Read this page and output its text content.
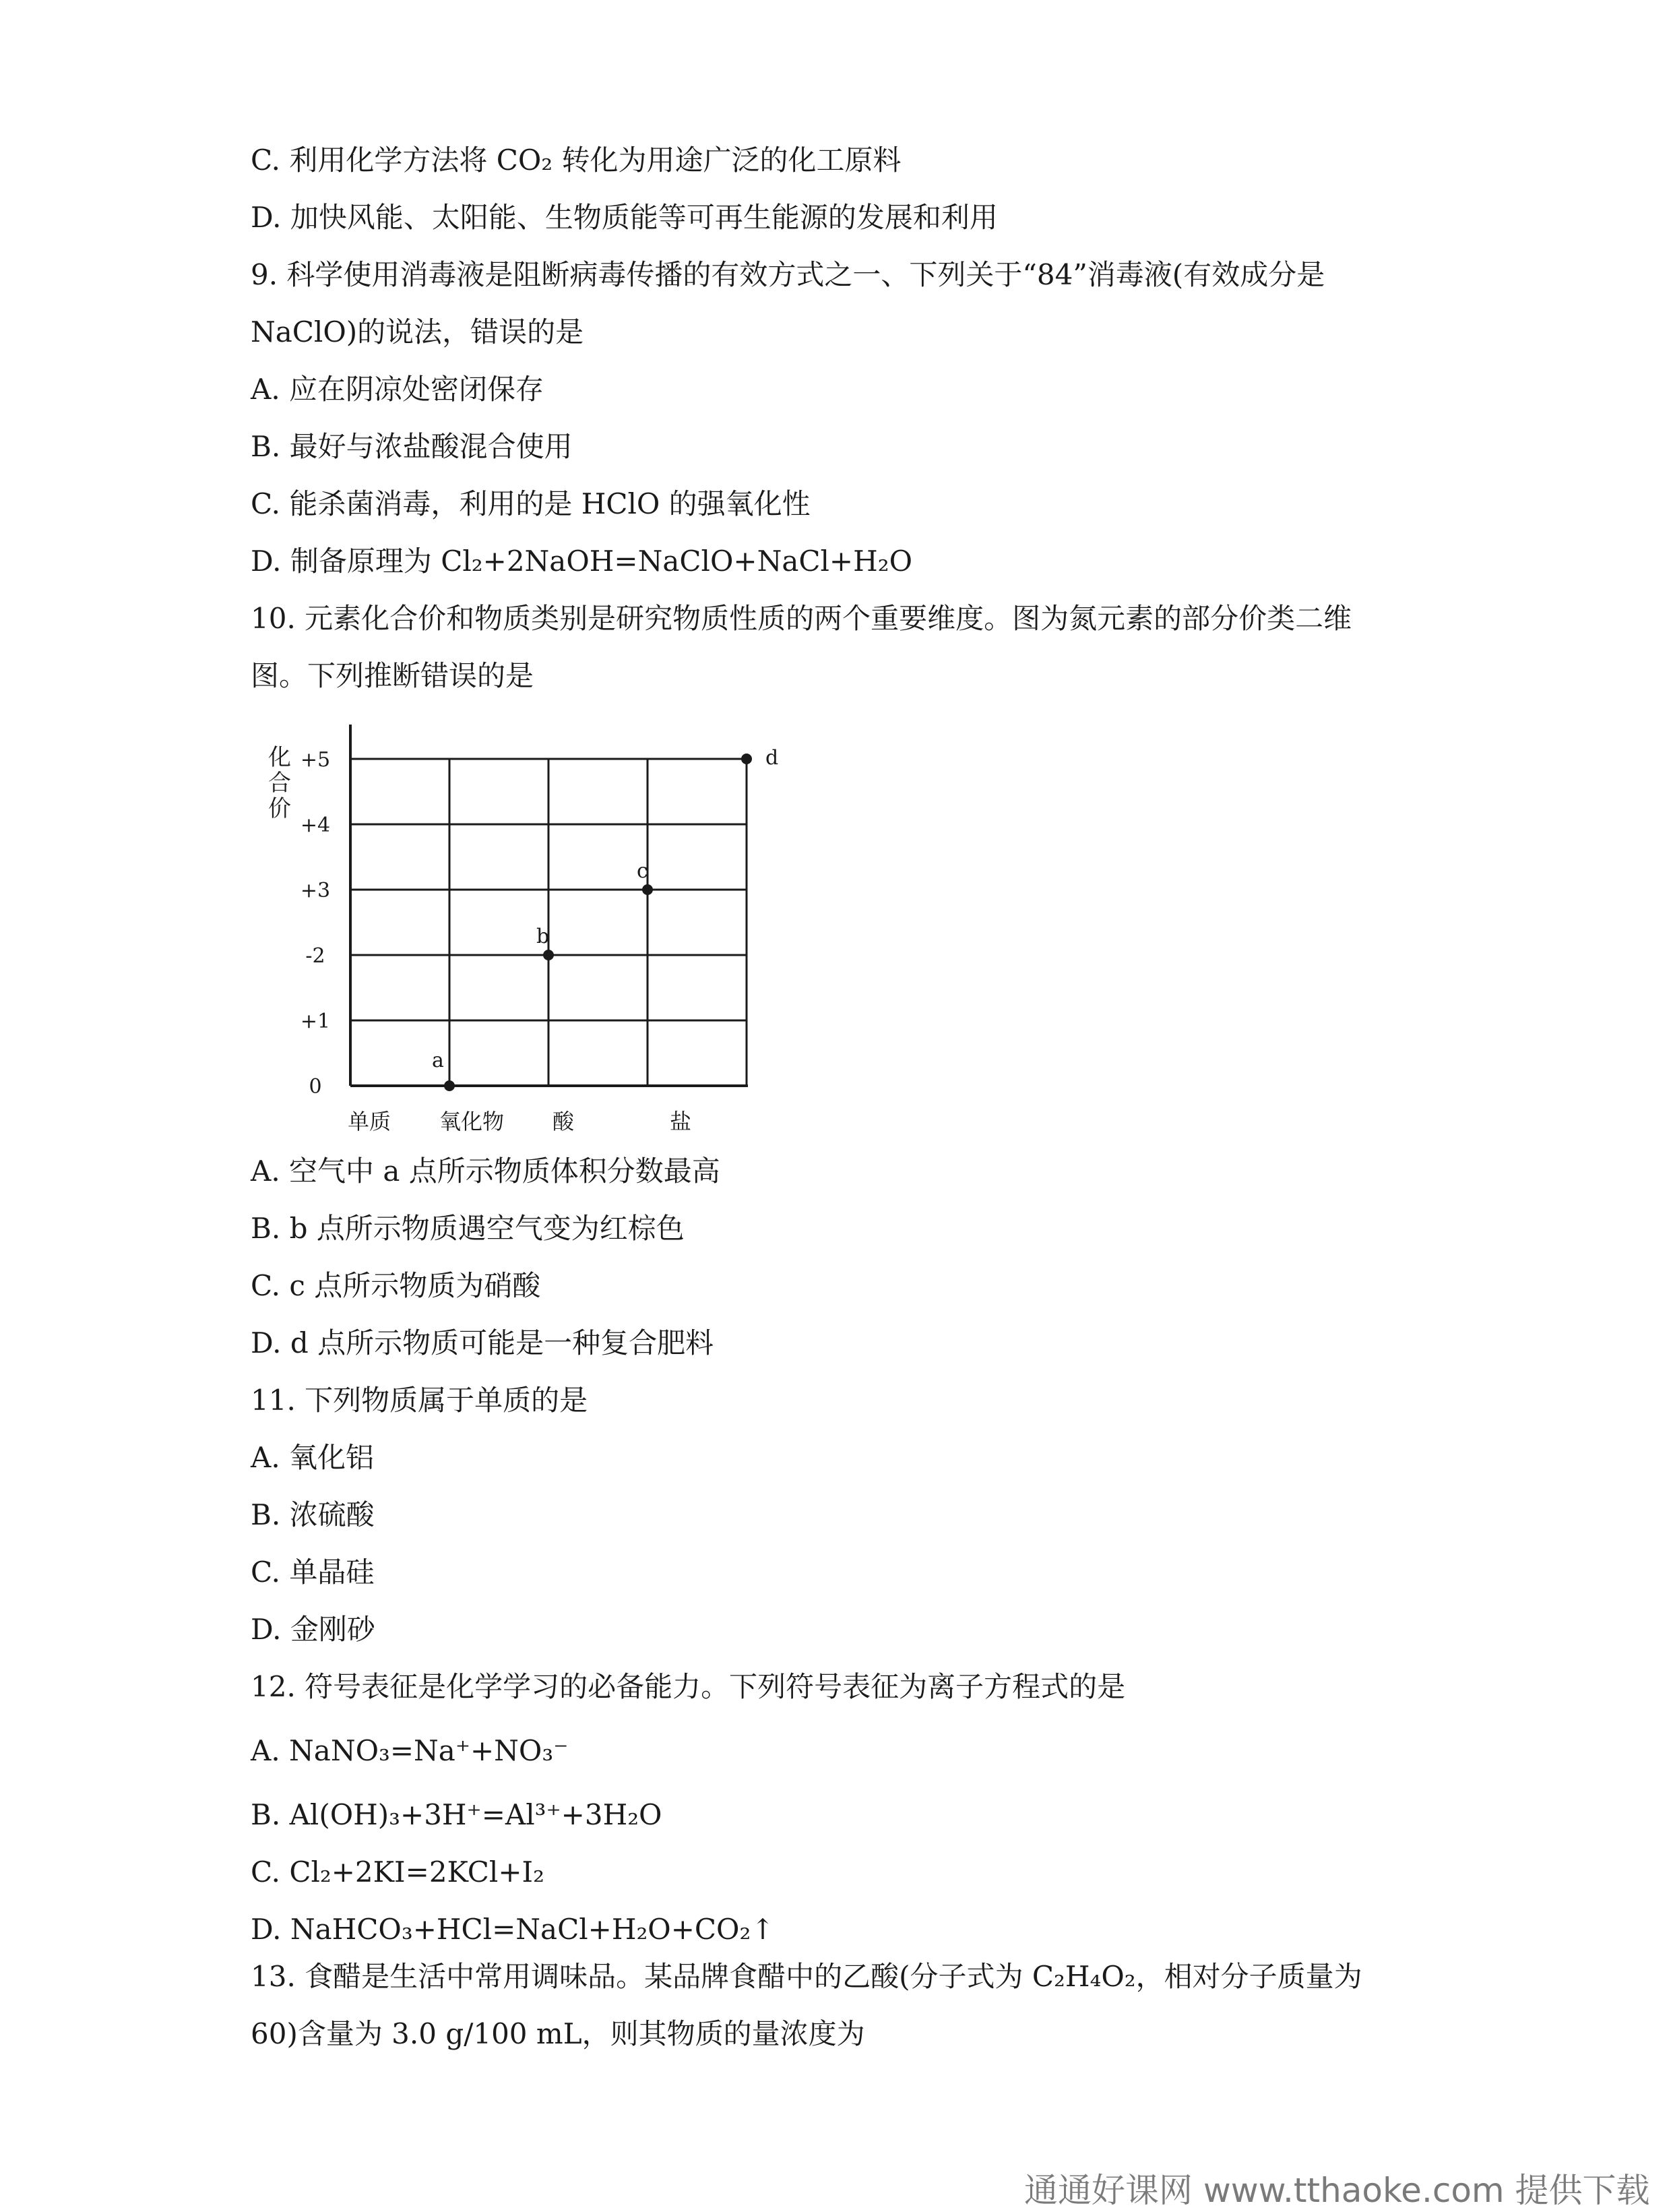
C. 利用化学方法将 CO₂ 转化为用途广泛的化工原料
D. 加快风能、太阳能、生物质能等可再生能源的发展和利用
9. 科学使用消毒液是阻断病毒传播的有效方式之一、下列关于“84”消毒液(有效成分是
NaClO)的说法，错误的是
A. 应在阴凉处密闭保存
B. 最好与浓盐酸混合使用
C. 能杀菌消毒，利用的是 HClO 的强氧化性
D. 制备原理为 Cl₂+2NaOH=NaClO+NaCl+H₂O
10. 元素化合价和物质类别是研究物质性质的两个重要维度。图为氮元素的部分价类二维
图。下列推断错误的是
化合价
0
+1
-2
+3
+4
+5
单质 氧化物 酸	盐
a
b
c
d
A. 空气中 a 点所示物质体积分数最高
B. b 点所示物质遇空气变为红棕色
C. c 点所示物质为硝酸
D. d 点所示物质可能是一种复合肥料
11. 下列物质属于单质的是
A. 氧化铝
B. 浓硫酸
C. 单晶硅
D. 金刚砂
12. 符号表征是化学学习的必备能力。下列符号表征为离子方程式的是
A. NaNO₃=Na⁺+NO₃⁻
B. Al(OH)₃+3H⁺=Al³⁺+3H₂O
C. Cl₂+2KI=2KCl+I₂
D. NaHCO₃+HCl=NaCl+H₂O+CO₂↑
13. 食醋是生活中常用调味品。某品牌食醋中的乙酸(分子式为 C₂H₄O₂，相对分子质量为
60)含量为 3.0 g/100 mL，则其物质的量浓度为
通通好课网 www.tthaoke.com 提供下载
